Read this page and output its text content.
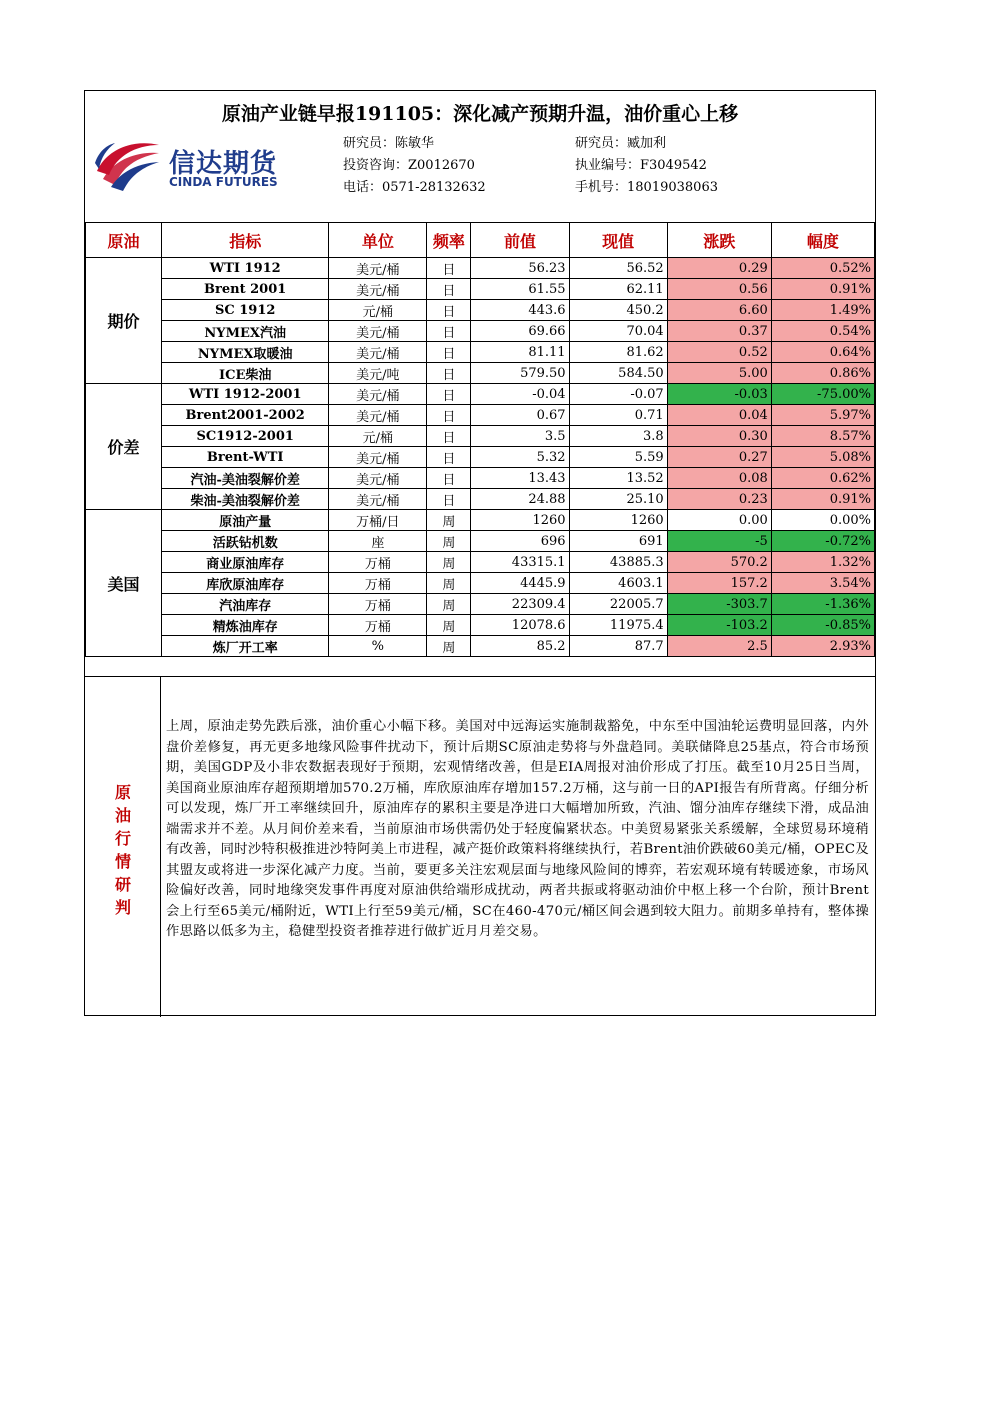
原油产业链早报191105：深化减产预期升温，油价重心上移
信达期货
CINDA FUTURES
研究员：陈敏华
投资咨询：Z0012670
电话：0571-28132632
研究员：臧加利
执业编号：F3049542
手机号：18019038063
原油	指标	单位	频率	前值	现值	涨跌	幅度
期价	WTI 1912	美元/桶	日	56.23	56.52	0.29	0.52%
	Brent 2001	美元/桶	日	61.55	62.11	0.56	0.91%
	SC 1912	元/桶	日	443.6	450.2	6.60	1.49%
	NYMEX汽油	美元/桶	日	69.66	70.04	0.37	0.54%
	NYMEX取暖油	美元/桶	日	81.11	81.62	0.52	0.64%
	ICE柴油	美元/吨	日	579.50	584.50	5.00	0.86%
价差	WTI 1912-2001	美元/桶	日	-0.04	-0.07	-0.03	-75.00%
	Brent2001-2002	美元/桶	日	0.67	0.71	0.04	5.97%
	SC1912-2001	元/桶	日	3.5	3.8	0.30	8.57%
	Brent-WTI	美元/桶	日	5.32	5.59	0.27	5.08%
	汽油-美油裂解价差	美元/桶	日	13.43	13.52	0.08	0.62%
	柴油-美油裂解价差	美元/桶	日	24.88	25.10	0.23	0.91%
美国	原油产量	万桶/日	周	1260	1260	0.00	0.00%
	活跃钻机数	座	周	696	691	-5	-0.72%
	商业原油库存	万桶	周	43315.1	43885.3	570.2	1.32%
	库欣原油库存	万桶	周	4445.9	4603.1	157.2	3.54%
	汽油库存	万桶	周	22309.4	22005.7	-303.7	-1.36%
	精炼油库存	万桶	周	12078.6	11975.4	-103.2	-0.85%
	炼厂开工率	%	周	85.2	87.7	2.5	2.93%
原油行情研判
上周，原油走势先跌后涨，油价重心小幅下移。美国对中远海运实施制裁豁免，中东至中国油轮运费明显回落，内外盘价差修复，再无更多地缘风险事件扰动下，预计后期SC原油走势将与外盘趋同。美联储降息25基点，符合市场预期，美国GDP及小非农数据表现好于预期，宏观情绪改善，但是EIA周报对油价形成了打压。截至10月25日当周，美国商业原油库存超预期增加570.2万桶，库欣原油库存增加157.2万桶，这与前一日的API报告有所背离。仔细分析可以发现，炼厂开工率继续回升，原油库存的累积主要是净进口大幅增加所致，汽油、馏分油库存继续下滑，成品油端需求并不差。从月间价差来看，当前原油市场供需仍处于轻度偏紧状态。中美贸易紧张关系缓解，全球贸易环境稍有改善，同时沙特积极推进沙特阿美上市进程，减产挺价政策料将继续执行，若Brent油价跌破60美元/桶，OPEC及其盟友或将进一步深化减产力度。当前，要更多关注宏观层面与地缘风险间的博弈，若宏观环境有转暖迹象，市场风险偏好改善，同时地缘突发事件再度对原油供给端形成扰动，两者共振或将驱动油价中枢上移一个台阶，预计Brent会上行至65美元/桶附近，WTI上行至59美元/桶，SC在460-470元/桶区间会遇到较大阻力。前期多单持有，整体操作思路以低多为主，稳健型投资者推荐进行做扩近月月差交易。
